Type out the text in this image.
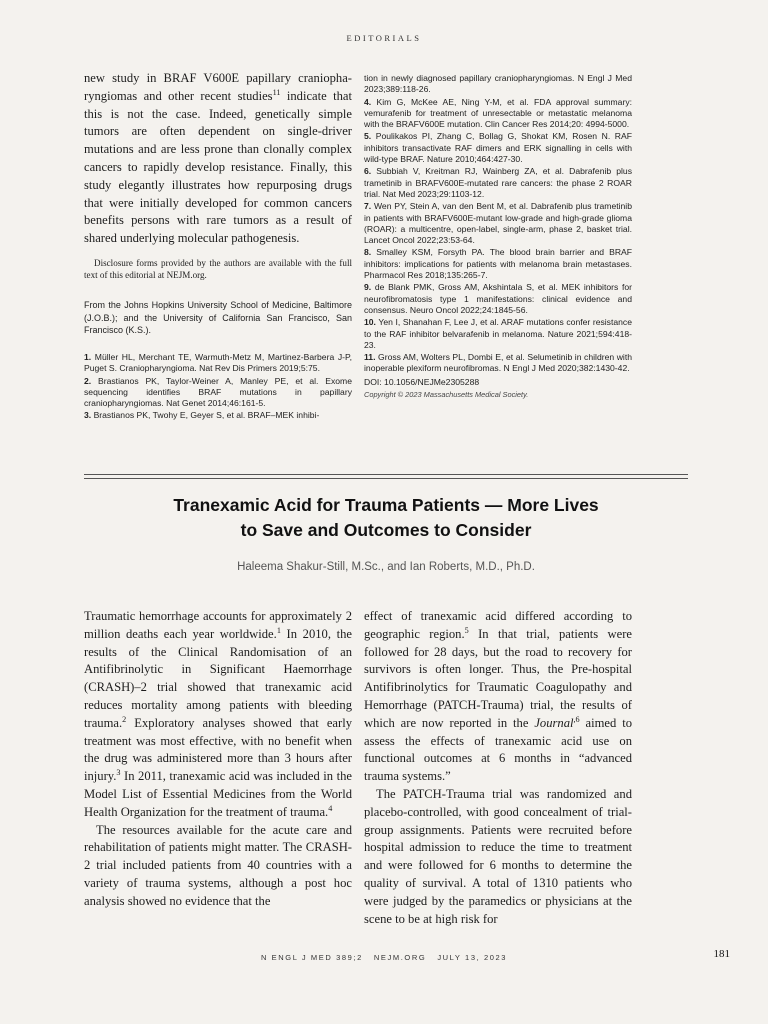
EDITORIALS

new study in BRAF V600E papillary craniopharyngiomas and other recent studies$^{11}$ indicate that this is not the case. Indeed, genetically simple tumors are often dependent on single-driver mutations and are less prone than clonally complex cancers to rapidly develop resistance. Finally, this study elegantly illustrates how repurposing drugs that were initially developed for common cancers benefits persons with rare tumors as a result of shared underlying molecular pathogenesis.

Disclosure forms provided by the authors are available with the full text of this editorial at NEJM.org.

From the Johns Hopkins University School of Medicine, Baltimore (J.O.B.); and the University of California San Francisco, San Francisco (K.S.).
1. Müller HL, Merchant TE, Warmuth-Metz M, Martinez-Barbera J-P, Puget S. Craniopharyngioma. Nat Rev Dis Primers 2019;5:75.
2. Brastianos PK, Taylor-Weiner A, Manley PE, et al. Exome sequencing identifies BRAF mutations in papillary craniopharyngiomas. Nat Genet 2014;46:161-5.
3. Brastianos PK, Twohy E, Geyer S, et al. BRAF–MEK inhibi-
tion in newly diagnosed papillary craniopharyngiomas. N Engl J Med 2023;389:118-26.
4. Kim G, McKee AE, Ning Y-M, et al. FDA approval summary: vemurafenib for treatment of unresectable or metastatic melanoma with the BRAFV600E mutation. Clin Cancer Res 2014;20: 4994-5000.
5. Poulikakos PI, Zhang C, Bollag G, Shokat KM, Rosen N. RAF inhibitors transactivate RAF dimers and ERK signalling in cells with wild-type BRAF. Nature 2010;464:427-30.
6. Subbiah V, Kreitman RJ, Wainberg ZA, et al. Dabrafenib plus trametinib in BRAFV600E-mutated rare cancers: the phase 2 ROAR trial. Nat Med 2023;29:1103-12.
7. Wen PY, Stein A, van den Bent M, et al. Dabrafenib plus trametinib in patients with BRAFV600E-mutant low-grade and high-grade glioma (ROAR): a multicentre, open-label, single-arm, phase 2, basket trial. Lancet Oncol 2022;23:53-64.
8. Smalley KSM, Forsyth PA. The blood brain barrier and BRAF inhibitors: implications for patients with melanoma brain metastases. Pharmacol Res 2018;135:265-7.
9. de Blank PMK, Gross AM, Akshintala S, et al. MEK inhibitors for neurofibromatosis type 1 manifestations: clinical evidence and consensus. Neuro Oncol 2022;24:1845-56.
10. Yen I, Shanahan F, Lee J, et al. ARAF mutations confer resistance to the RAF inhibitor belvarafenib in melanoma. Nature 2021;594:418-23.
11. Gross AM, Wolters PL, Dombi E, et al. Selumetinib in children with inoperable plexiform neurofibromas. N Engl J Med 2020;382:1430-42.
DOI: 10.1056/NEJMe2305288
Copyright © 2023 Massachusetts Medical Society.
Tranexamic Acid for Trauma Patients — More Lives
to Save and Outcomes to Consider
Haleema Shakur-Still, M.Sc., and Ian Roberts, M.D., Ph.D.

Traumatic hemorrhage accounts for approximately 2 million deaths each year worldwide.$^1$ In 2010, the results of the Clinical Randomisation of an Antifibrinolytic in Significant Haemorrhage (CRASH)–2 trial showed that tranexamic acid reduces mortality among patients with bleeding trauma.$^2$ Exploratory analyses showed that early treatment was most effective, with no benefit when the drug was administered more than 3 hours after injury.$^3$ In 2011, tranexamic acid was included in the Model List of Essential Medicines from the World Health Organization for the treatment of trauma.$^4$

The resources available for the acute care and rehabilitation of patients might matter. The CRASH-2 trial included patients from 40 countries with a variety of trauma systems, although a post hoc analysis showed no evidence that the

effect of tranexamic acid differed according to geographic region.$^5$ In that trial, patients were followed for 28 days, but the road to recovery for survivors is often longer. Thus, the Pre-hospital Antifibrinolytics for Traumatic Coagulopathy and Hemorrhage (PATCH-Trauma) trial, the results of which are now reported in the Journal$^{,6}$ aimed to assess the effects of tranexamic acid use on functional outcomes at 6 months in “advanced trauma systems.”

The PATCH-Trauma trial was randomized and placebo-controlled, with good concealment of trial-group assignments. Patients were recruited before hospital admission to reduce the time to treatment and were followed for 6 months to determine the quality of survival. A total of 1310 patients who were judged by the paramedics or physicians at the scene to be at high risk for

N ENGL J MED 389;2   NEJM.ORG   JULY 13, 2023	181
